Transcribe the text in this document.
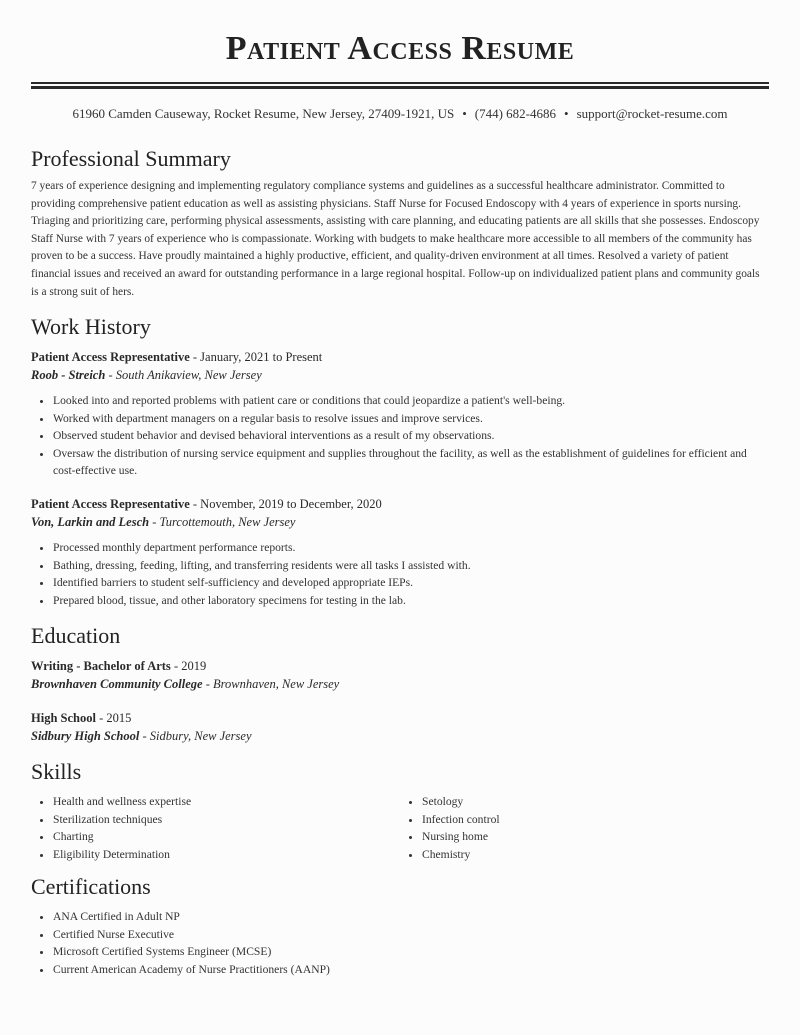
Patient Access Resume
61960 Camden Causeway, Rocket Resume, New Jersey, 27409-1921, US • (744) 682-4686 • support@rocket-resume.com
Professional Summary

7 years of experience designing and implementing regulatory compliance systems and guidelines as a successful healthcare administrator. Committed to providing comprehensive patient education as well as assisting physicians. Staff Nurse for Focused Endoscopy with 4 years of experience in sports nursing. Triaging and prioritizing care, performing physical assessments, assisting with care planning, and educating patients are all skills that she possesses. Endoscopy Staff Nurse with 7 years of experience who is compassionate. Working with budgets to make healthcare more accessible to all members of the community has proven to be a success. Have proudly maintained a highly productive, efficient, and quality-driven environment at all times. Resolved a variety of patient financial issues and received an award for outstanding performance in a large regional hospital. Follow-up on individualized patient plans and community goals is a strong suit of hers.

Work History
Patient Access Representative - January, 2021 to Present
Roob - Streich - South Anikaview, New Jersey
• Looked into and reported problems with patient care or conditions that could jeopardize a patient's well-being.
• Worked with department managers on a regular basis to resolve issues and improve services.
• Observed student behavior and devised behavioral interventions as a result of my observations.
• Oversaw the distribution of nursing service equipment and supplies throughout the facility, as well as the establishment of guidelines for efficient and cost-effective use.
Patient Access Representative - November, 2019 to December, 2020
Von, Larkin and Lesch - Turcottemouth, New Jersey
• Processed monthly department performance reports.
• Bathing, dressing, feeding, lifting, and transferring residents were all tasks I assisted with.
• Identified barriers to student self-sufficiency and developed appropriate IEPs.
• Prepared blood, tissue, and other laboratory specimens for testing in the lab.
Education
Writing - Bachelor of Arts - 2019
Brownhaven Community College - Brownhaven, New Jersey
High School - 2015
Sidbury High School - Sidbury, New Jersey
Skills
• Health and wellness expertise
• Sterilization techniques
• Charting
• Eligibility Determination
• Setology
• Infection control
• Nursing home
• Chemistry
Certifications
• ANA Certified in Adult NP
• Certified Nurse Executive
• Microsoft Certified Systems Engineer (MCSE)
• Current American Academy of Nurse Practitioners (AANP)
